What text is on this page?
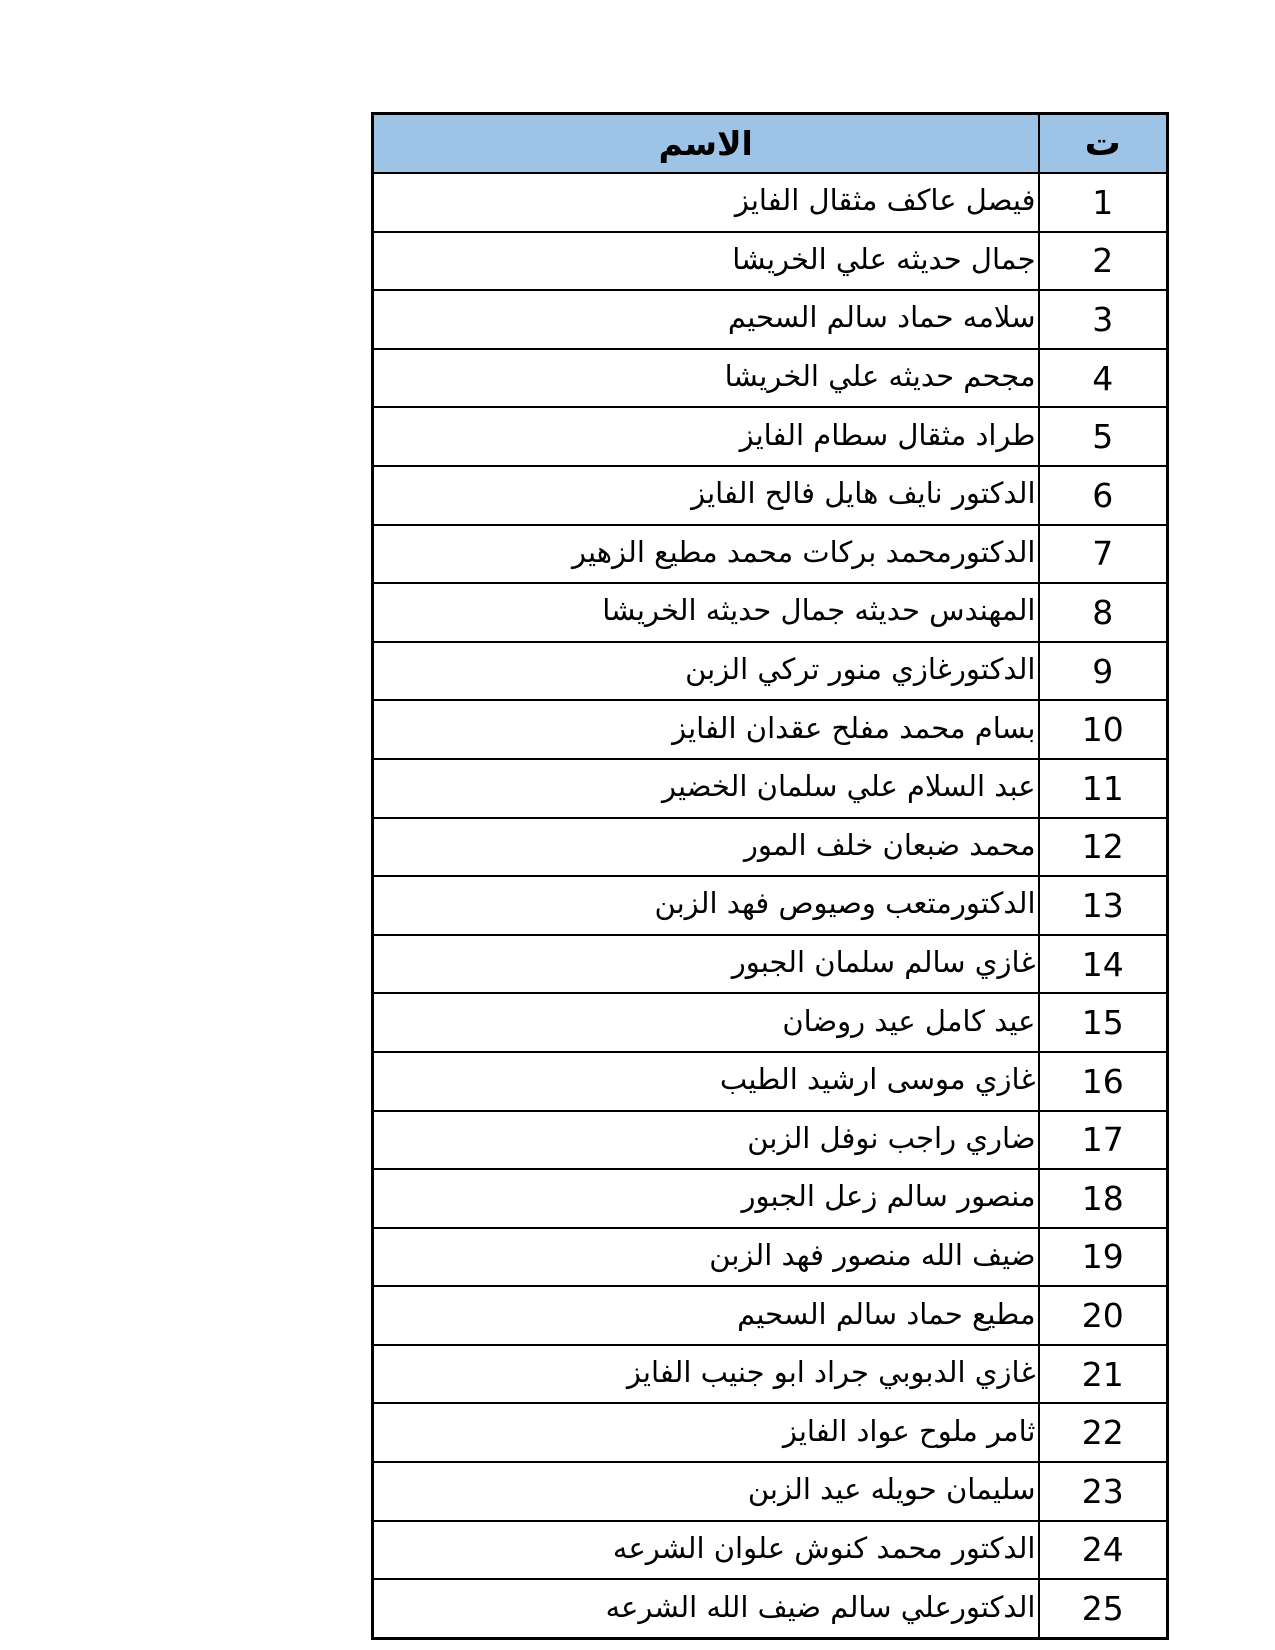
ت	الاسم
1	فيصل عاكف مثقال الفايز
2	جمال حديثه علي الخريشا
3	سلامه حماد سالم السحيم
4	مجحم حديثه علي الخريشا
5	طراد مثقال سطام الفايز
6	الدكتور نايف هايل فالح الفايز
7	الدكتورمحمد بركات محمد مطيع الزهير
8	المهندس حديثه جمال حديثه الخريشا
9	الدكتورغازي منور تركي الزبن
10	بسام محمد مفلح عقدان الفايز
11	عبد السلام علي سلمان الخضير
12	محمد ضبعان خلف المور
13	الدكتورمتعب وصيوص فهد الزبن
14	غازي سالم سلمان الجبور
15	عيد كامل عيد روضان
16	غازي موسى ارشيد الطيب
17	ضاري راجب نوفل الزبن
18	منصور سالم زعل الجبور
19	ضيف الله منصور فهد الزبن
20	مطيع حماد سالم السحيم
21	غازي الدبوبي جراد ابو جنيب الفايز
22	ثامر ملوح عواد الفايز
23	سليمان حويله عيد الزبن
24	الدكتور محمد كنوش علوان الشرعه
25	الدكتورعلي سالم ضيف الله الشرعه
